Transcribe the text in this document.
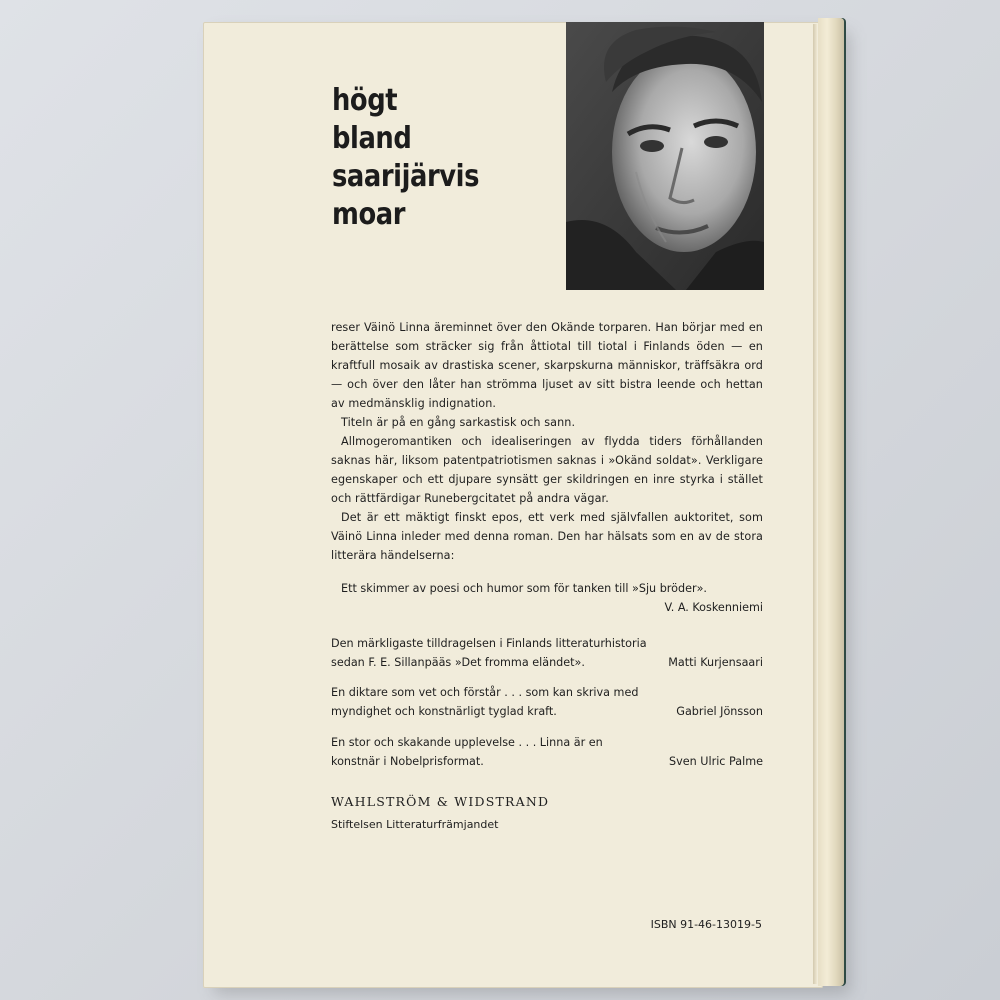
högt
bland
saarijärvis
moar

reser Väinö Linna äreminnet över den Okände torparen. Han börjar med en berättelse som sträcker sig från åttiotal till tiotal i Finlands öden — en kraftfull mosaik av drastiska scener, skarpskurna människor, träffsäkra ord — och över den låter han strömma ljuset av sitt bistra leende och hettan av medmänsklig indignation.

Titeln är på en gång sarkastisk och sann.

Allmogeromantiken och idealiseringen av flydda tiders förhållanden saknas här, liksom patentpatriotismen saknas i »Okänd soldat». Verkligare egenskaper och ett djupare synsätt ger skildringen en inre styrka i stället och rättfärdigar Runebergcitatet på andra vägar.

Det är ett mäktigt finskt epos, ett verk med självfallen auktoritet, som Väinö Linna inleder med denna roman. Den har hälsats som en av de stora litterära händelserna:

Ett skimmer av poesi och humor som för tanken till »Sju bröder».

V. A. Koskenniemi

Den märkligaste tilldragelsen i Finlands litteraturhistoria sedan F. E. Sillanpääs »Det fromma eländet».	Matti Kurjensaari

En diktare som vet och förstår . . . som kan skriva med myndighet och konstnärligt tyglad kraft.	Gabriel Jönsson

En stor och skakande upplevelse . . . Linna är en konstnär i Nobelprisformat.	Sven Ulric Palme

WAHLSTRÖM & WIDSTRAND
Stiftelsen Litteraturfrämjandet
ISBN 91-46-13019-5
